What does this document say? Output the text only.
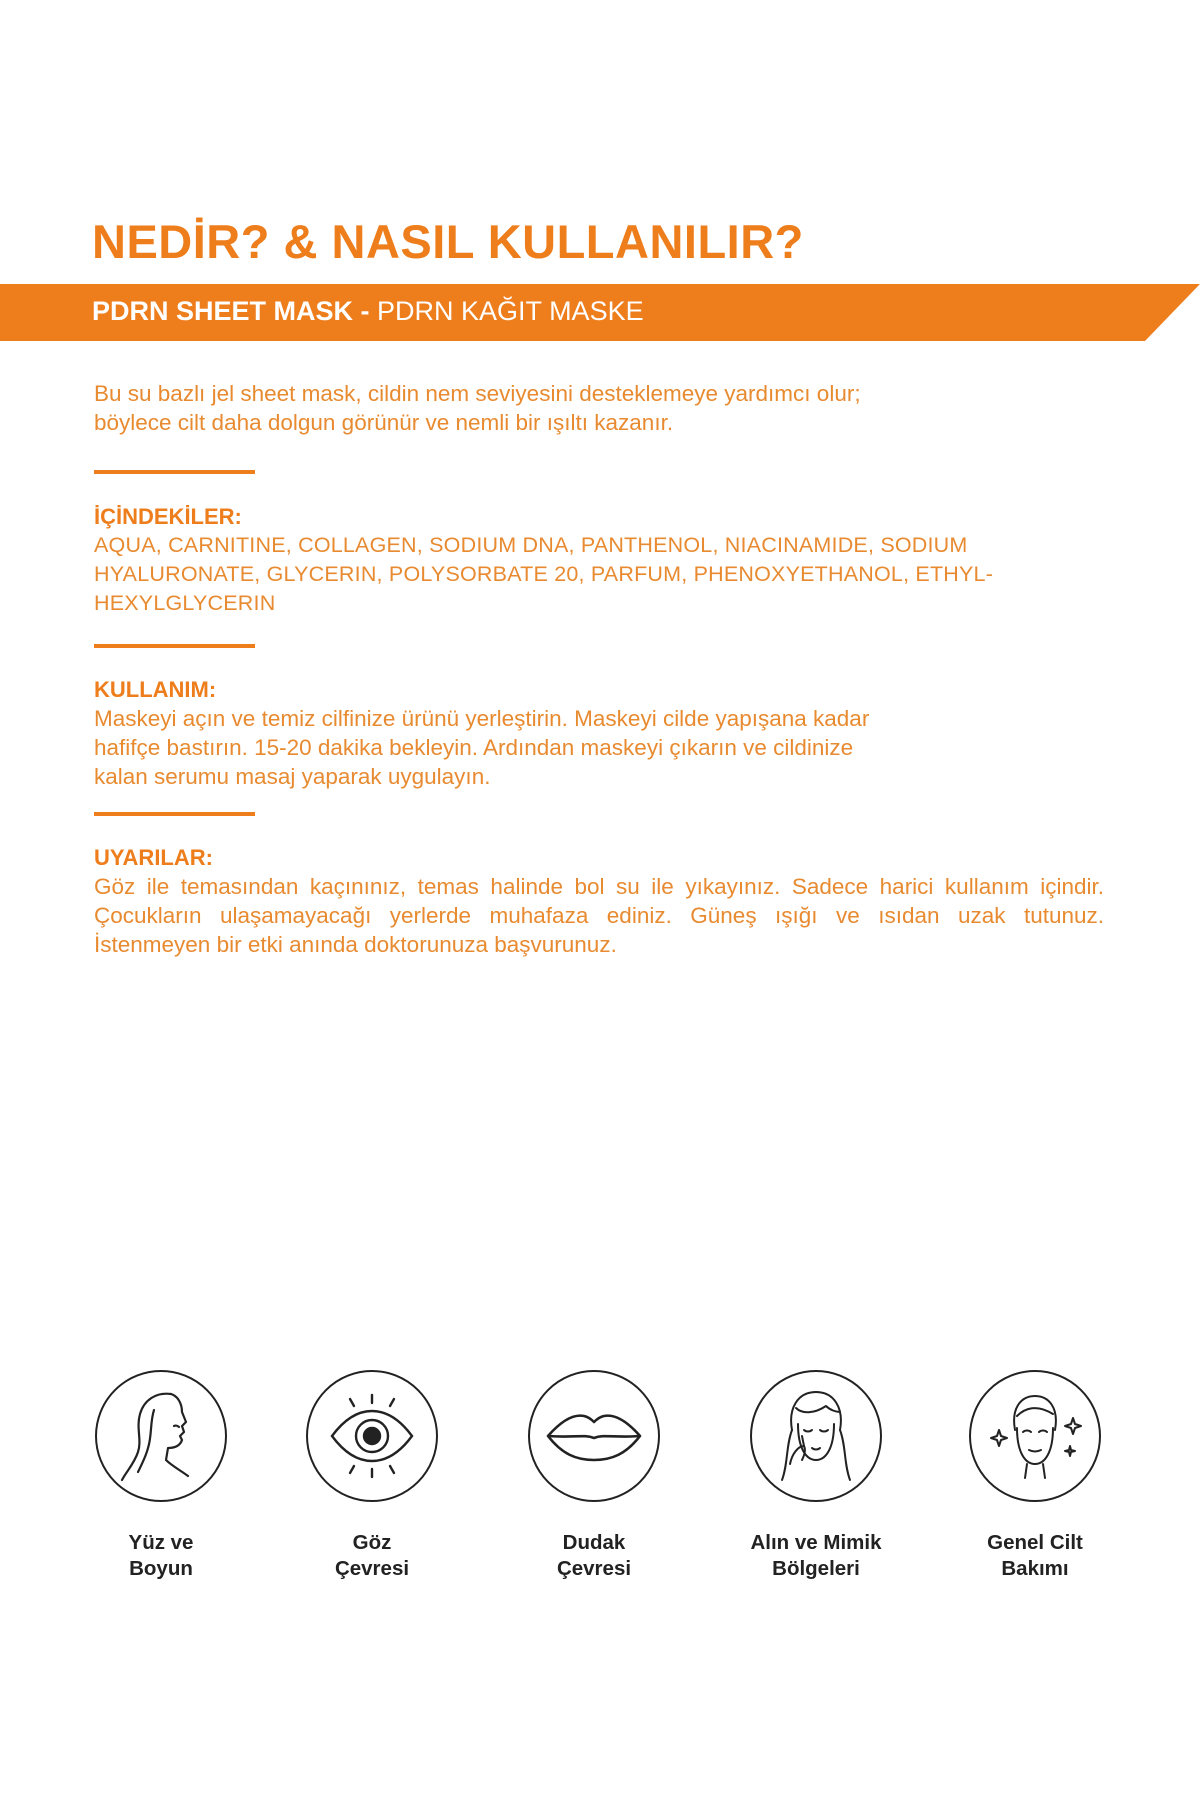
NEDİR? & NASIL KULLANILIR?
PDRN SHEET MASK - PDRN KAĞIT MASKE
Bu su bazlı jel sheet mask, cildin nem seviyesini desteklemeye yardımcı olur;
böylece cilt daha dolgun görünür ve nemli bir ışıltı kazanır.
İÇİNDEKİLER:

AQUA, CARNITINE, COLLAGEN, SODIUM DNA, PANTHENOL, NIACINAMIDE, SODIUM

HYALURONATE, GLYCERIN, POLYSORBATE 20, PARFUM, PHENOXYETHANOL, ETHYL-

HEXYLGLYCERIN

KULLANIM:

Maskeyi açın ve temiz cilfinize ürünü yerleştirin. Maskeyi cilde yapışana kadar

hafifçe bastırın. 15-20 dakika bekleyin. Ardından maskeyi çıkarın ve cildinize

kalan serumu masaj yaparak uygulayın.

UYARILAR:

Göz ile temasından kaçınınız, temas halinde bol su ile yıkayınız. Sadece harici kullanım içindir. Çocukların ulaşamayacağı yerlerde muhafaza ediniz. Güneş ışığı ve ısıdan uzak tutunuz. İstenmeyen bir etki anında doktorunuza başvurunuz.

Yüz ve
Boyun
Göz
Çevresi
Dudak
Çevresi
Alın ve Mimik
Bölgeleri
Genel Cilt
Bakımı
